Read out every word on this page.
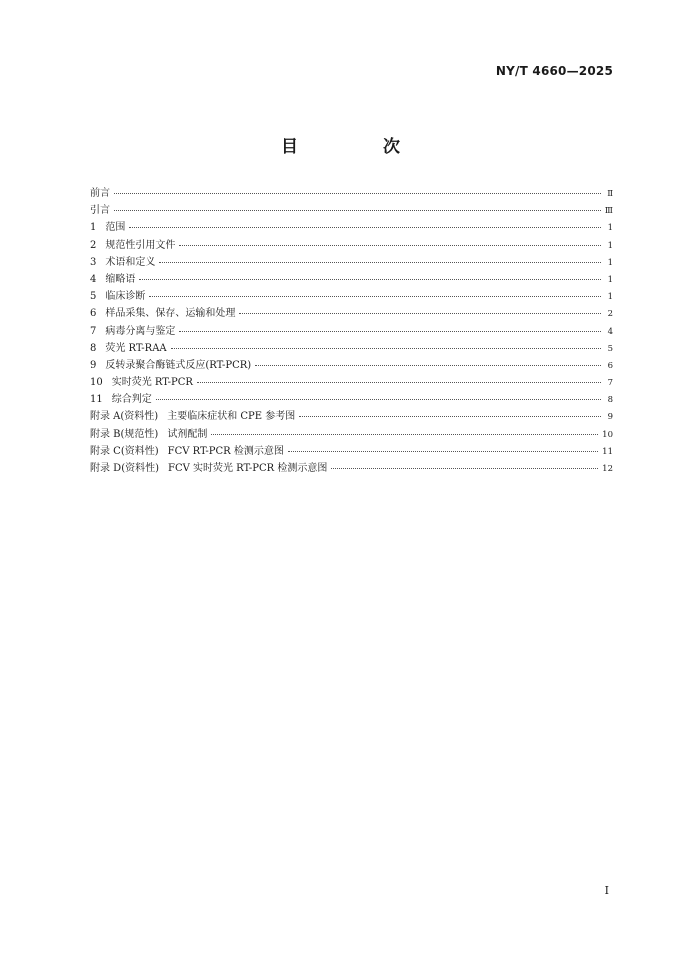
NY/T 4660—2025
目　次
前言	Ⅱ
引言	Ⅲ
1 范围	1
2 规范性引用文件	1
3 术语和定义	1
4 缩略语	1
5 临床诊断	1
6 样品采集、保存、运输和处理	2
7 病毒分离与鉴定	4
8 荧光 RT-RAA	5
9 反转录聚合酶链式反应(RT-PCR)	6
10 实时荧光 RT-PCR	7
11 综合判定	8
附录 A(资料性) 主要临床症状和 CPE 参考图	9
附录 B(规范性) 试剂配制	10
附录 C(资料性) FCV RT-PCR 检测示意图	11
附录 D(资料性) FCV 实时荧光 RT-PCR 检测示意图	12
I
